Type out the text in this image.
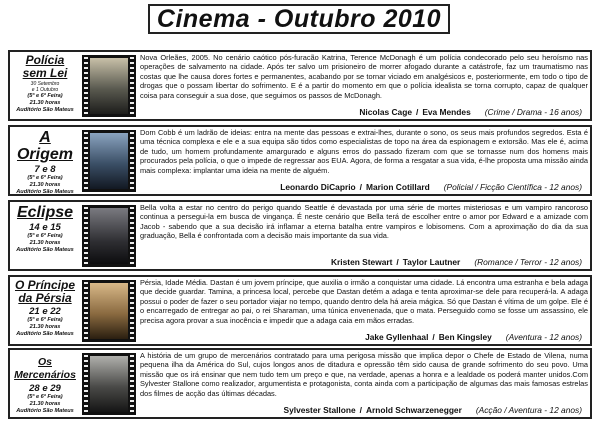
Cinema - Outubro 2010
Polícia
sem Lei
30 Setembro
e 1 Outubro
(5ª e 6ª Feira)
21.30 horas
Auditório São Mateus
Nova Orleães, 2005. No cenário caótico pós-furacão Katrina, Terence McDonagh é um polícia condecorado pelo seu heroísmo nas operações de salvamento na cidade. Após ter salvo um prisioneiro de morrer afogado durante a catástrofe, faz um traumatismo nas costas que lhe causa dores fortes e permanentes, acabando por se tornar viciado em analgésicos e, posteriormente, em todo o tipo de drogas que o possam libertar do sofrimento. E é a partir do momento em que o polícia idealista se torna corrupto, capaz de qualquer coisa para conseguir a sua dose, que seguimos os passos de McDonagh.
Nicolas Cage / Eva Mendes (Crime / Drama - 16 anos)
A Origem
7 e 8
(5ª e 6ª Feira)
21.30 horas
Auditório São Mateus
Dom Cobb é um ladrão de ideias: entra na mente das pessoas e extrai-lhes, durante o sono, os seus mais profundos segredos. Esta é uma técnica complexa e ele e a sua equipa são tidos como especialistas de topo na área da espionagem e extorsão. Mas ele é, acima de tudo, um homem profundamente amargurado e alguns erros do passado fizeram com que se tornasse num dos homens mais procurados pela polícia, o que o impede de regressar aos EUA. Agora, de forma a resgatar a sua vida, é-lhe proposta uma missão ainda mais complexa: implantar uma ideia na mente de alguém.
Leonardo DiCaprio / Marion Cotillard (Policial / Ficção Científica - 12 anos)
Eclipse
14 e 15
(5ª e 6ª Feira)
21.30 horas
Auditório São Mateus
Bella volta a estar no centro do perigo quando Seattle é devastada por uma série de mortes misteriosas e um vampiro rancoroso continua a persegui-la em busca de vingança. É neste cenário que Bella terá de escolher entre o amor por Edward e a amizade com Jacob - sabendo que a sua decisão irá inflamar a eterna batalha entre vampiros e lobisomens. Com a aproximação do dia da sua graduação, Bella é confrontada com a decisão mais importante da sua vida.
Kristen Stewart / Taylor Lautner (Romance / Terror - 12 anos)
O Príncipe
da Pérsia
21 e 22
(5ª e 6ª Feira)
21.30 horas
Auditório São Mateus
Pérsia, Idade Média. Dastan é um jovem príncipe, que auxilia o irmão a conquistar uma cidade. Lá encontra uma estranha e bela adaga que decide guardar. Tamina, a princesa local, percebe que Dastan detém a adaga e tenta aproximar-se dele para recuperá-la. A adaga possui o poder de fazer o seu portador viajar no tempo, quando dentro dela há areia mágica. Só que Dastan é vítima de um golpe. Ele é o encarregado de entregar ao pai, o rei Sharaman, uma túnica envenenada, que o mata. Perseguido como se fosse um assassino, ele precisa agora provar a sua inocência e impedir que a adaga caia em mãos erradas.
Jake Gyllenhaal / Ben Kingsley (Aventura - 12 anos)
Os Mercenários
28 e 29
(5ª e 6ª Feira)
21.30 horas
Auditório São Mateus
A história de um grupo de mercenários contratado para uma perigosa missão que implica depor o Chefe de Estado de Vilena, numa pequena ilha da América do Sul, cujos longos anos de ditadura e opressão têm sido causa de grande sofrimento do seu povo. Uma missão que os irá ensinar que nem tudo tem um preço e que, na verdade, apenas a honra e a lealdade os poderá manter unidos.Com Sylvester Stallone como realizador, argumentista e protagonista, conta ainda com a participação de algumas das mais famosas estrelas dos filmes de acção das últimas décadas.
Sylvester Stallone / Arnold Schwarzenegger (Acção / Aventura - 12 anos)
